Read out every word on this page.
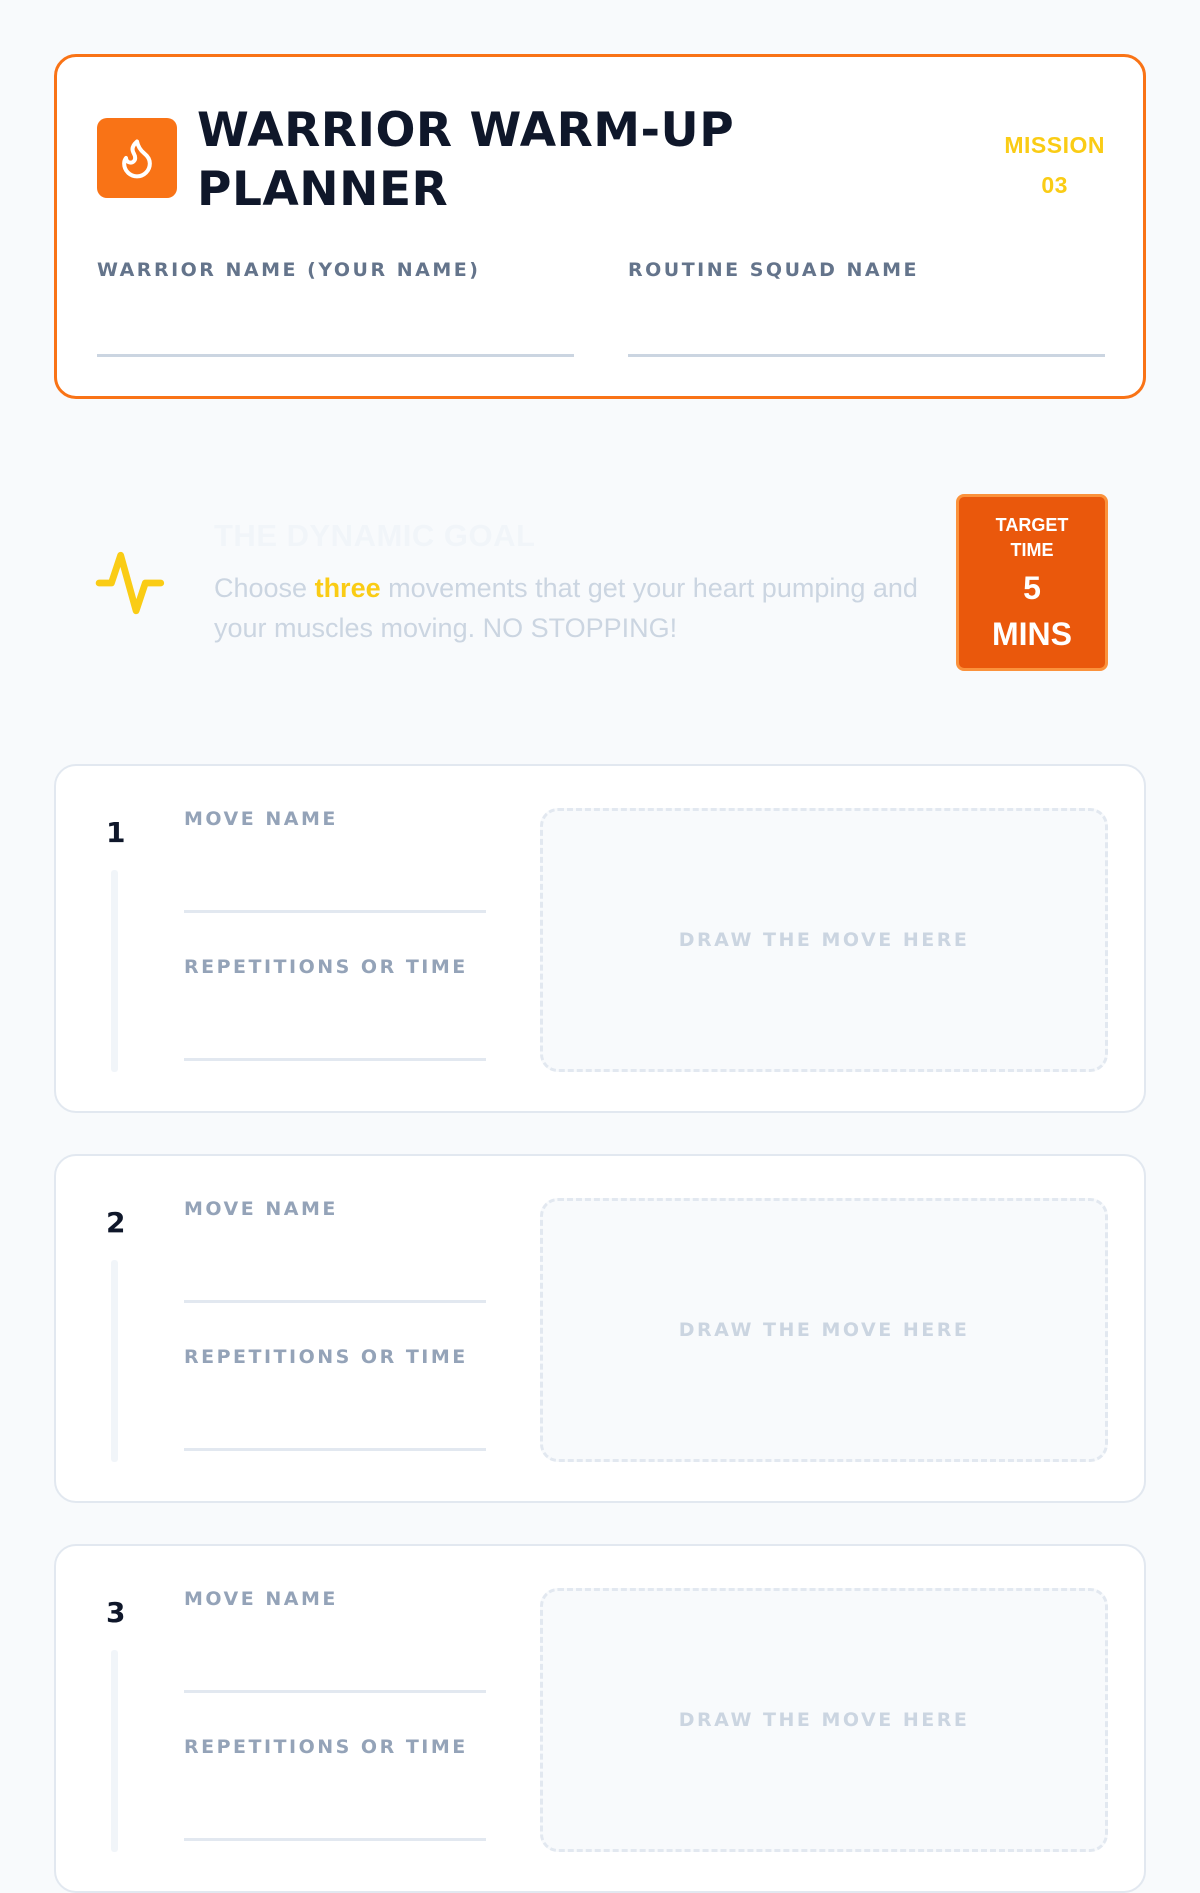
WARRIOR WARM-UP PLANNER
MISSION
03
WARRIOR NAME (YOUR NAME)	ROUTINE SQUAD NAME
THE DYNAMIC GOAL
Choose three movements that get your heart pumping and your muscles moving. NO STOPPING!
TARGET
TIME
5
MINS
1	MOVE NAME
REPETITIONS OR TIME
DRAW THE MOVE HERE
2	MOVE NAME
REPETITIONS OR TIME
DRAW THE MOVE HERE
3	MOVE NAME
REPETITIONS OR TIME
DRAW THE MOVE HERE
